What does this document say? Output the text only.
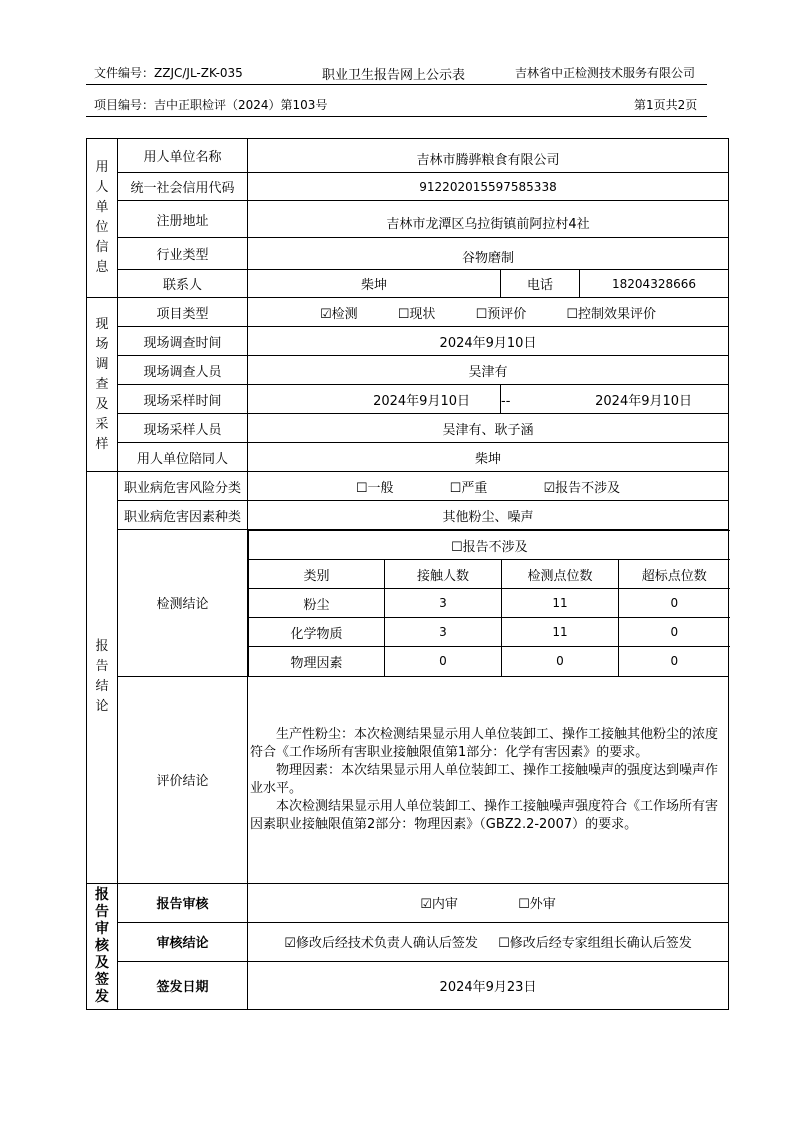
文件编号：ZZJC/JL-ZK-035	职业卫生报告网上公示表	吉林省中正检测技术服务有限公司
项目编号：吉中正职检评（2024）第103号	第1页共2页
用
人
单
位
信
息
	用人单位名称	吉林市腾骅粮食有限公司
统一社会信用代码	912202015597585338
注册地址	吉林市龙潭区乌拉街镇前阿拉村4社
行业类型	谷物磨制
联系人	柴坤	电话	18204328666

现
场
调
查
及
采
样
	项目类型	☑检测	☐现状	☐预评价	☐控制效果评价
现场调查时间	2024年9月10日
现场调查人员	吴津有
现场采样时间	2024年9月10日	--	2024年9月10日
现场采样人员	吴津有、耿子涵
用人单位陪同人	柴坤

报
告
结
论
	职业病危害风险分类	☐一般	☐严重	☑报告不涉及
职业病危害因素种类	其他粉尘、噪声
检测结论	
☐报告不涉及
类别	接触人数	检测点位数	超标点位数
粉尘	3	11	0
化学物质	3	11	0
物理因素	0	0	0

评价结论	

生产性粉尘：本次检测结果显示用人单位装卸工、操作工接触其他粉尘的浓度符合《工作场所有害职业接触限值第1部分：化学有害因素》的要求。

物理因素：本次结果显示用人单位装卸工、操作工接触噪声的强度达到噪声作业水平。

本次检测结果显示用人单位装卸工、操作工接触噪声强度符合《工作场所有害因素职业接触限值第2部分：物理因素》（GBZ2.2-2007）的要求。

报
告
审
核
及
签
发
	报告审核	☑内审	☐外审
审核结论	☑修改后经技术负责人确认后签发 ☐修改后经专家组组长确认后签发
签发日期	2024年9月23日
